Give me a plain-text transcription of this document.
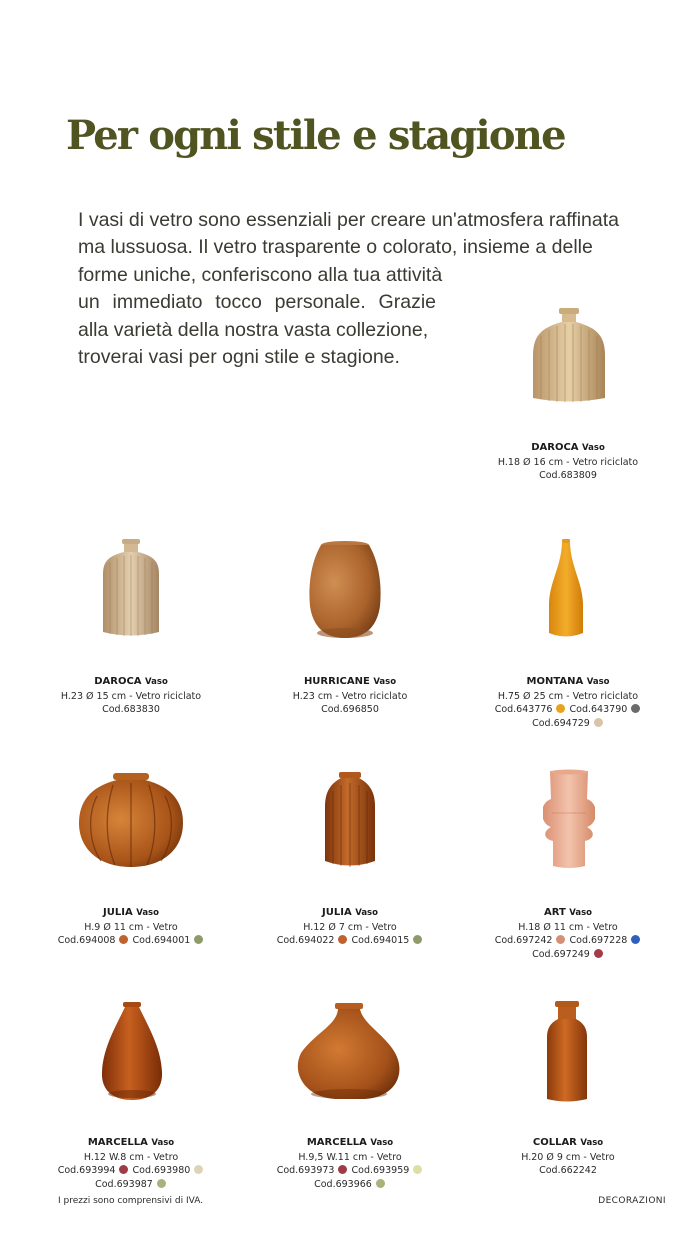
Per ogni stile e stagione
I vasi di vetro sono essenziali per creare un'atmosfera raffinata
ma lussuosa. Il vetro trasparente o colorato, insieme a delle
forme uniche, conferiscono alla tua attività
un immediato tocco personale. Grazie
alla varietà della nostra vasta collezione,
troverai vasi per ogni stile e stagione.
DAROCA Vaso
H.18 Ø 16 cm - Vetro riciclato
Cod.683809
DAROCA Vaso
H.23 Ø 15 cm - Vetro riciclato
Cod.683830
HURRICANE Vaso
H.23 cm - Vetro riciclato
Cod.696850
MONTANA Vaso
H.75 Ø 25 cm - Vetro riciclato
Cod.643776 Cod.643790
Cod.694729
JULIA Vaso
H.9 Ø 11 cm - Vetro
Cod.694008 Cod.694001
JULIA Vaso
H.12 Ø 7 cm - Vetro
Cod.694022 Cod.694015
ART Vaso
H.18 Ø 11 cm - Vetro
Cod.697242 Cod.697228
Cod.697249
MARCELLA Vaso
H.12 W.8 cm - Vetro
Cod.693994 Cod.693980
Cod.693987
MARCELLA Vaso
H.9,5 W.11 cm - Vetro
Cod.693973 Cod.693959
Cod.693966
COLLAR Vaso
H.20 Ø 9 cm - Vetro
Cod.662242
I prezzi sono comprensivi di IVA.	DECORAZIONI
